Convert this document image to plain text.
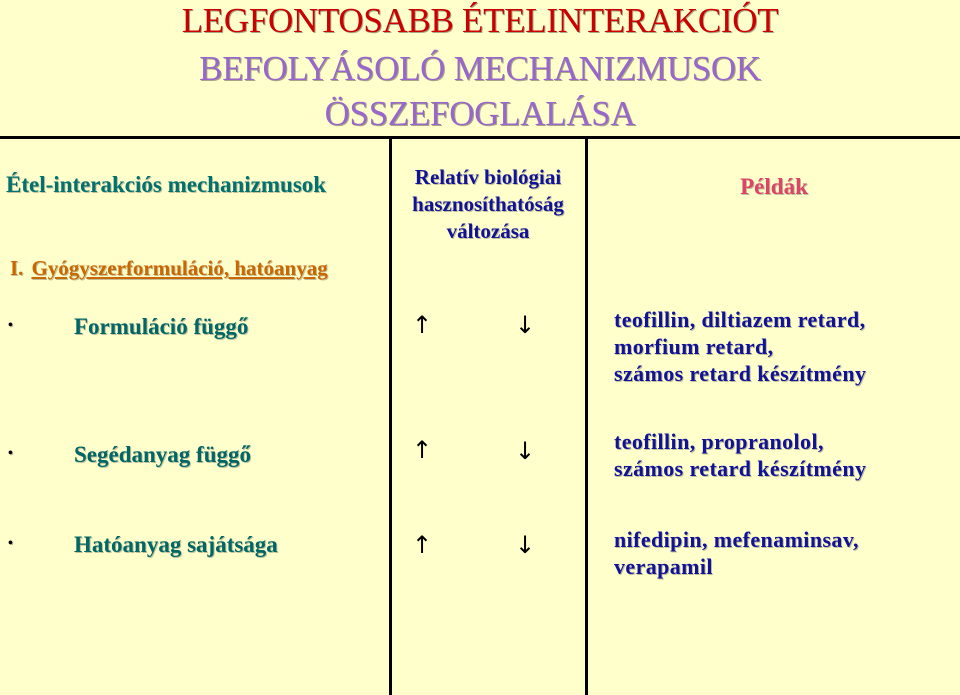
LEGFONTOSABB ÉTELINTERAKCIÓT
BEFOLYÁSOLÓ MECHANIZMUSOK
ÖSSZEFOGLALÁSA
Étel-interakciós mechanizmusok	Relatív biológiai
hasznosíthatóság
változása
Példák
I. Gyógyszerformuláció, hatóanyag
•	Formuláció függő	↑	↓	teofillin, diltiazem retard,
morfium retard,
számos retard készítmény
•	Segédanyag függő	↑	↓	teofillin, propranolol,
számos retard készítmény
•	Hatóanyag sajátsága	↑	↓	nifedipin, mefenaminsav,
verapamil
